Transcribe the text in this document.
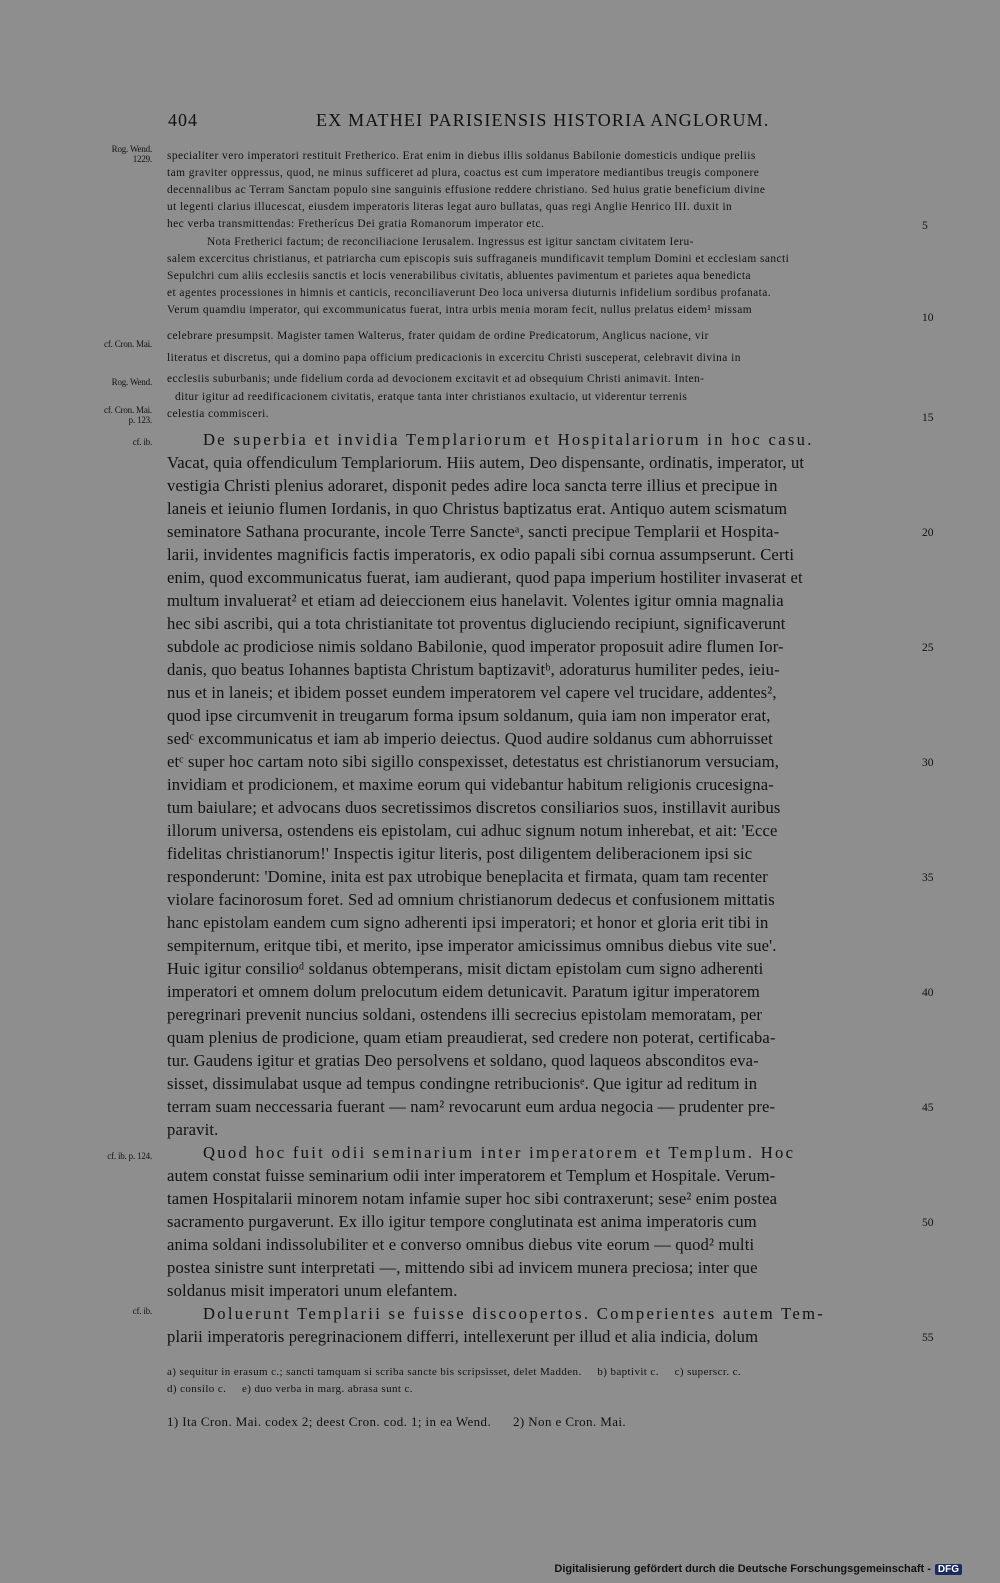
404	EX MATHEI PARISIENSIS HISTORIA ANGLORUM.
Rog. Wend.
1229.
cf. Cron. Mai.
Rog. Wend.
cf. Cron. Mai.
p. 123.
cf. ib.
cf. ib. p. 124.
cf. ib.
specialiter vero imperatori restituit Fretherico. Erat enim in diebus illis soldanus Babilonie domesticis undique preliis
tam graviter oppressus, quod, ne minus sufficeret ad plura, coactus est cum imperatore mediantibus treugis componere
decennalibus ac Terram Sanctam populo sine sanguinis effusione reddere christiano. Sed huius gratie beneficium divine
ut legenti clarius illucescat, eiusdem imperatoris literas legat auro bullatas, quas regi Anglie Henrico III. duxit in
hec verba transmittendas: Fretherícus Dei gratia Romanorum imperator etc.
Nota Fretherici factum; de reconciliacione Ierusalem. Ingressus est igitur sanctam civitatem Ieru-
salem excercitus christianus, et patriarcha cum episcopis suis suffraganeis mundificavit templum Domini et ecclesiam sancti
Sepulchri cum aliis ecclesiis sanctis et locis venerabilibus civitatis, abluentes pavimentum et parietes aqua benedicta
et agentes processiones in himnis et canticis, reconciliaverunt Deo loca universa diuturnis infidelium sordibus profanata.
Verum quamdiu imperator, qui excommunicatus fuerat, intra urbis menia moram fecit, nullus prelatus eidem¹ missam
celebrare presumpsit. Magister tamen Walterus, frater quidam de ordine Predicatorum, Anglicus nacione, vir
literatus et discretus, qui a domino papa officium predicacionis in excercitu Christi susceperat, celebravit divina in
ecclesiis suburbanis; unde fidelium corda ad devocionem excitavit et ad obsequium Christi animavit. Inten-
ditur igitur ad reedificacionem civitatis, eratque tanta inter christianos exultacio, ut viderentur terrenis
celestia commisceri.
De superbia et invidia Templariorum et Hospitalariorum in hoc casu.
Vacat, quia offendiculum Templariorum. Hiis autem, Deo dispensante, ordinatis, imperator, ut
vestigia Christi plenius adoraret, disponit pedes adire loca sancta terre illius et precipue in
laneis et ieiunio flumen Iordanis, in quo Christus baptizatus erat. Antiquo autem scismatum
seminatore Sathana procurante, incole Terre Sancteᵃ, sancti precipue Templarii et Hospita-
larii, invidentes magnificis factis imperatoris, ex odio papali sibi cornua assumpserunt. Certi
enim, quod excommunicatus fuerat, iam audierant, quod papa imperium hostiliter invaserat et
multum invaluerat² et etiam ad deieccionem eius hanelavit. Volentes igitur omnia magnalia
hec sibi ascribi, qui a tota christianitate tot proventus digluciendo recipiunt, significaverunt
subdole ac prodiciose nimis soldano Babilonie, quod imperator proposuit adire flumen Ior-
danis, quo beatus Iohannes baptista Christum baptizavitᵇ, adoraturus humiliter pedes, ieiu-
nus et in laneis; et ibidem posset eundem imperatorem vel capere vel trucidare, addentes²,
quod ipse circumvenit in treugarum forma ipsum soldanum, quia iam non imperator erat,
sedᶜ excommunicatus et iam ab imperio deiectus. Quod audire soldanus cum abhorruisset
etᶜ super hoc cartam noto sibi sigillo conspexisset, detestatus est christianorum versuciam,
invidiam et prodicionem, et maxime eorum qui videbantur habitum religionis crucesigna-
tum baiulare; et advocans duos secretissimos discretos consiliarios suos, instillavit auribus
illorum universa, ostendens eis epistolam, cui adhuc signum notum inherebat, et ait: 'Ecce
fidelitas christianorum!' Inspectis igitur literis, post diligentem deliberacionem ipsi sic
responderunt: 'Domine, inita est pax utrobique beneplacita et firmata, quam tam recenter
violare facinorosum foret. Sed ad omnium christianorum dedecus et confusionem mittatis
hanc epistolam eandem cum signo adherenti ipsi imperatori; et honor et gloria erit tibi in
sempiternum, eritque tibi, et merito, ipse imperator amicissimus omnibus diebus vite sue'.
Huic igitur consilioᵈ soldanus obtemperans, misit dictam epistolam cum signo adherenti
imperatori et omnem dolum prelocutum eidem detunicavit. Paratum igitur imperatorem
peregrinari prevenit nuncius soldani, ostendens illi secrecius epistolam memoratam, per
quam plenius de prodicione, quam etiam preaudierat, sed credere non poterat, certificaba-
tur. Gaudens igitur et gratias Deo persolvens et soldano, quod laqueos absconditos eva-
sisset, dissimulabat usque ad tempus condingne retribucionisᵉ. Que igitur ad reditum in
terram suam neccessaria fuerant — nam² revocarunt eum ardua negocia — prudenter pre-
paravit.
Quod hoc fuit odii seminarium inter imperatorem et Templum. Hoc
autem constat fuisse seminarium odii inter imperatorem et Templum et Hospitale. Verum-
tamen Hospitalarii minorem notam infamie super hoc sibi contraxerunt; sese² enim postea
sacramento purgaverunt. Ex illo igitur tempore conglutinata est anima imperatoris cum
anima soldani indissolubiliter et e converso omnibus diebus vite eorum — quod² multi
postea sinistre sunt interpretati —, mittendo sibi ad invicem munera preciosa; inter que
soldanus misit imperatori unum elefantem.
Doluerunt Templarii se fuisse discoopertos. Comperientes autem Tem-
plarii imperatoris peregrinacionem differri, intellexerunt per illud et alia indicia, dolum
5
10
15
20
25
30
35
40
45
50
55
a) sequitur in erasum c.; sancti tamquam si scriba sancte bis scripsisset, delet Madden.     b) baptivit c.     c) superscr. c.
d) consilo c.     e) duo verba in marg. abrasa sunt c.
1) Ita Cron. Mai. codex 2; deest Cron. cod. 1; in ea Wend.      2) Non e Cron. Mai.
Digitalisierung gefördert durch die Deutsche Forschungsgemeinschaft - DFG
